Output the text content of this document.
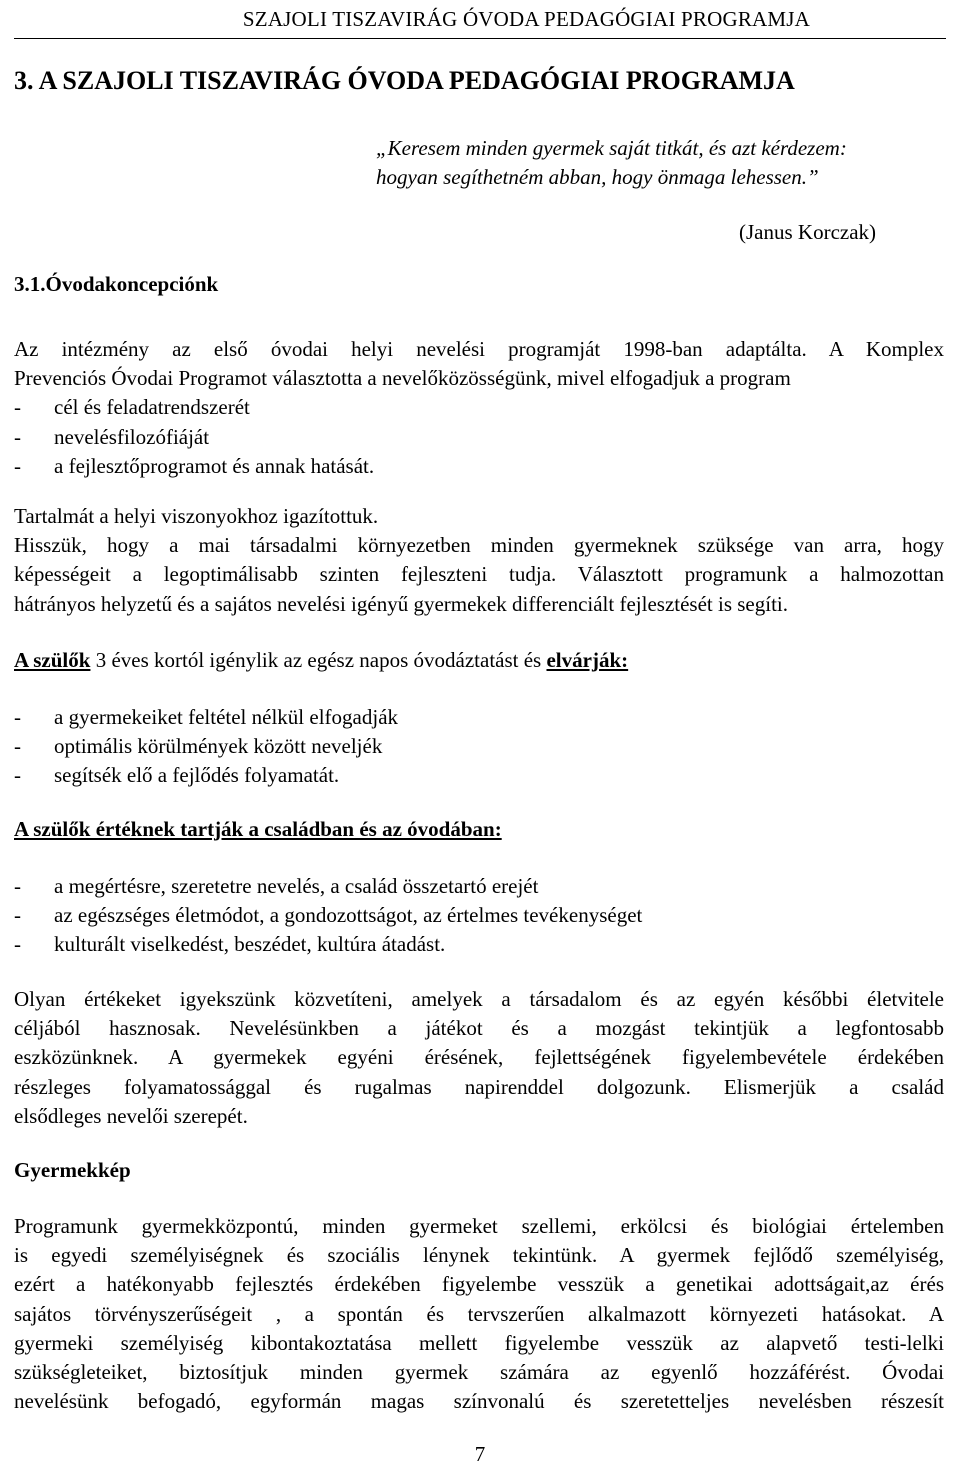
SZAJOLI TISZAVIRÁG ÓVODA PEDAGÓGIAI PROGRAMJA
3. A SZAJOLI TISZAVIRÁG ÓVODA PEDAGÓGIAI PROGRAMJA
„Keresem minden gyermek saját titkát, és azt kérdezem:
hogyan segíthetném abban, hogy önmaga lehessen.”
(Janus Korczak)
3.1.Óvodakoncepciónk
Az intézmény az első óvodai helyi nevelési programját 1998-ban adaptálta. A Komplex
Prevenciós Óvodai Programot választotta a nevelőközösségünk, mivel elfogadjuk a program
- cél és feladatrendszerét
- nevelésfilozófiáját
- a fejlesztőprogramot és annak hatását.
Tartalmát a helyi viszonyokhoz igazítottuk.
Hisszük, hogy a mai társadalmi környezetben minden gyermeknek szüksége van arra, hogy
képességeit a legoptimálisabb szinten fejleszteni tudja. Választott programunk a halmozottan
hátrányos helyzetű és a sajátos nevelési igényű gyermekek differenciált fejlesztését is segíti.
A szülők 3 éves kortól igénylik az egész napos óvodáztatást és elvárják:
- a gyermekeiket feltétel nélkül elfogadják
- optimális körülmények között neveljék
- segítsék elő a fejlődés folyamatát.
A szülők értéknek tartják a családban és az óvodában:
- a megértésre, szeretetre nevelés, a család összetartó erejét
- az egészséges életmódot, a gondozottságot, az értelmes tevékenységet
- kulturált viselkedést, beszédet, kultúra átadást.
Olyan értékeket igyekszünk közvetíteni, amelyek a társadalom és az egyén későbbi életvitele
céljából hasznosak. Nevelésünkben a játékot és a mozgást tekintjük a legfontosabb
eszközünknek. A gyermekek egyéni érésének, fejlettségének figyelembevétele érdekében
részleges folyamatossággal és rugalmas napirenddel dolgozunk. Elismerjük a család
elsődleges nevelői szerepét.
Gyermekkép
Programunk gyermekközpontú, minden gyermeket szellemi, erkölcsi és biológiai értelemben
is egyedi személyiségnek és szociális lénynek tekintünk. A gyermek fejlődő személyiség,
ezért a hatékonyabb fejlesztés érdekében figyelembe vesszük a genetikai adottságait,az érés
sajátos törvényszerűségeit , a spontán és tervszerűen alkalmazott környezeti hatásokat. A
gyermeki személyiség kibontakoztatása mellett figyelembe vesszük az alapvető testi-lelki
szükségleteiket, biztosítjuk minden gyermek számára az egyenlő hozzáférést. Óvodai
nevelésünk befogadó, egyformán magas színvonalú és szeretetteljes nevelésben részesít
7
